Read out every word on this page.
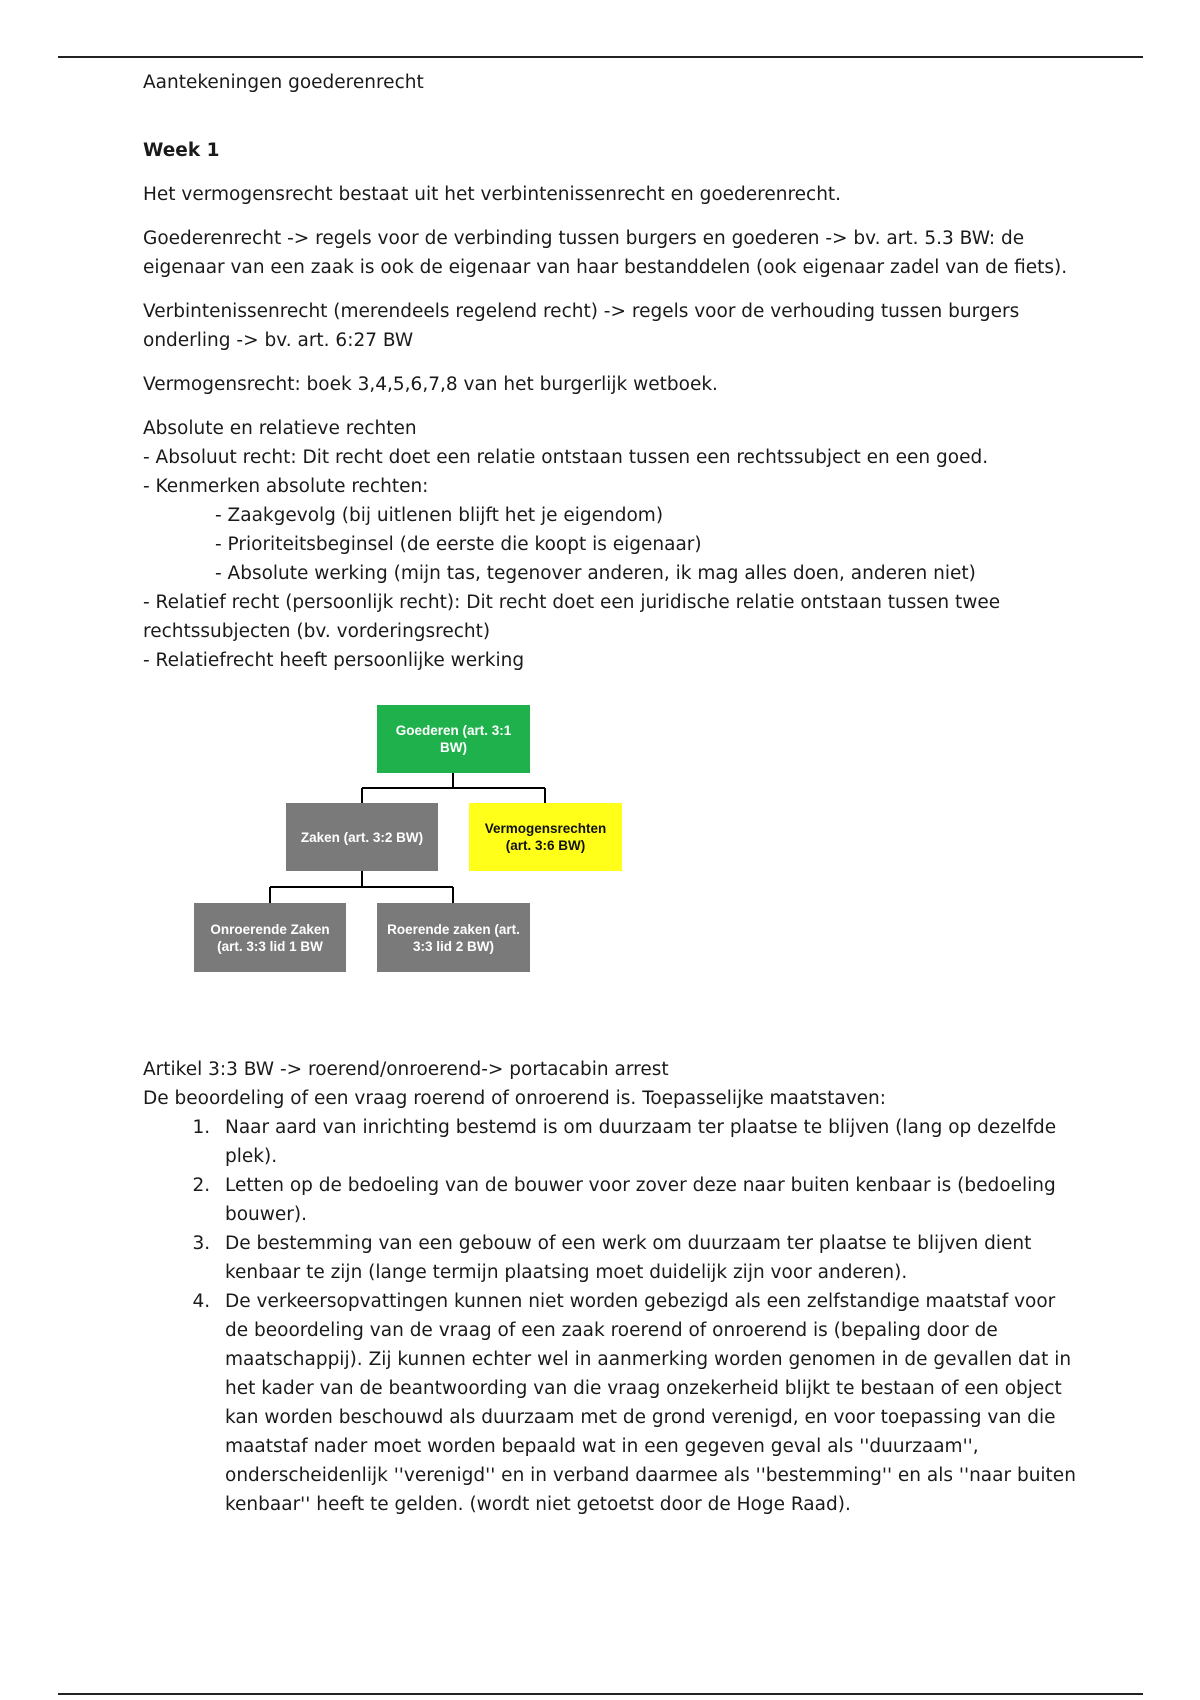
Aantekeningen goederenrecht

Week 1

Het vermogensrecht bestaat uit het verbintenissenrecht en goederenrecht.

Goederenrecht -> regels voor de verbinding tussen burgers en goederen -> bv. art. 5.3 BW: de eigenaar van een zaak is ook de eigenaar van haar bestanddelen (ook eigenaar zadel van de fiets).

Verbintenissenrecht (merendeels regelend recht) -> regels voor de verhouding tussen burgers onderling -> bv. art. 6:27 BW

Vermogensrecht: boek 3,4,5,6,7,8 van het burgerlijk wetboek.

Absolute en relatieve rechten

- Absoluut recht: Dit recht doet een relatie ontstaan tussen een rechtssubject en een goed.

- Kenmerken absolute rechten:

- Zaakgevolg (bij uitlenen blijft het je eigendom)

- Prioriteitsbeginsel (de eerste die koopt is eigenaar)

- Absolute werking (mijn tas, tegenover anderen, ik mag alles doen, anderen niet)

- Relatief recht (persoonlijk recht): Dit recht doet een juridische relatie ontstaan tussen twee rechtssubjecten (bv. vorderingsrecht)

- Relatiefrecht heeft persoonlijke werking

Goederen (art. 3:1 BW)
Zaken (art. 3:2 BW)
Vermogensrechten (art. 3:6 BW)
Onroerende Zaken (art. 3:3 lid 1 BW
Roerende zaken (art. 3:3 lid 2 BW)

Artikel 3:3 BW -> roerend/onroerend-> portacabin arrest

De beoordeling of een vraag roerend of onroerend is. Toepasselijke maatstaven:

1. Naar aard van inrichting bestemd is om duurzaam ter plaatse te blijven (lang op dezelfde plek).
2. Letten op de bedoeling van de bouwer voor zover deze naar buiten kenbaar is (bedoeling bouwer).
3. De bestemming van een gebouw of een werk om duurzaam ter plaatse te blijven dient kenbaar te zijn (lange termijn plaatsing moet duidelijk zijn voor anderen).
4. De verkeersopvattingen kunnen niet worden gebezigd als een zelfstandige maatstaf voor de beoordeling van de vraag of een zaak roerend of onroerend is (bepaling door de maatschappij). Zij kunnen echter wel in aanmerking worden genomen in de gevallen dat in het kader van de beantwoording van die vraag onzekerheid blijkt te bestaan of een object kan worden beschouwd als duurzaam met de grond verenigd, en voor toepassing van die maatstaf nader moet worden bepaald wat in een gegeven geval als ''duurzaam'', onderscheidenlijk ''verenigd'' en in verband daarmee als ''bestemming'' en als ''naar buiten kenbaar'' heeft te gelden. (wordt niet getoetst door de Hoge Raad).
